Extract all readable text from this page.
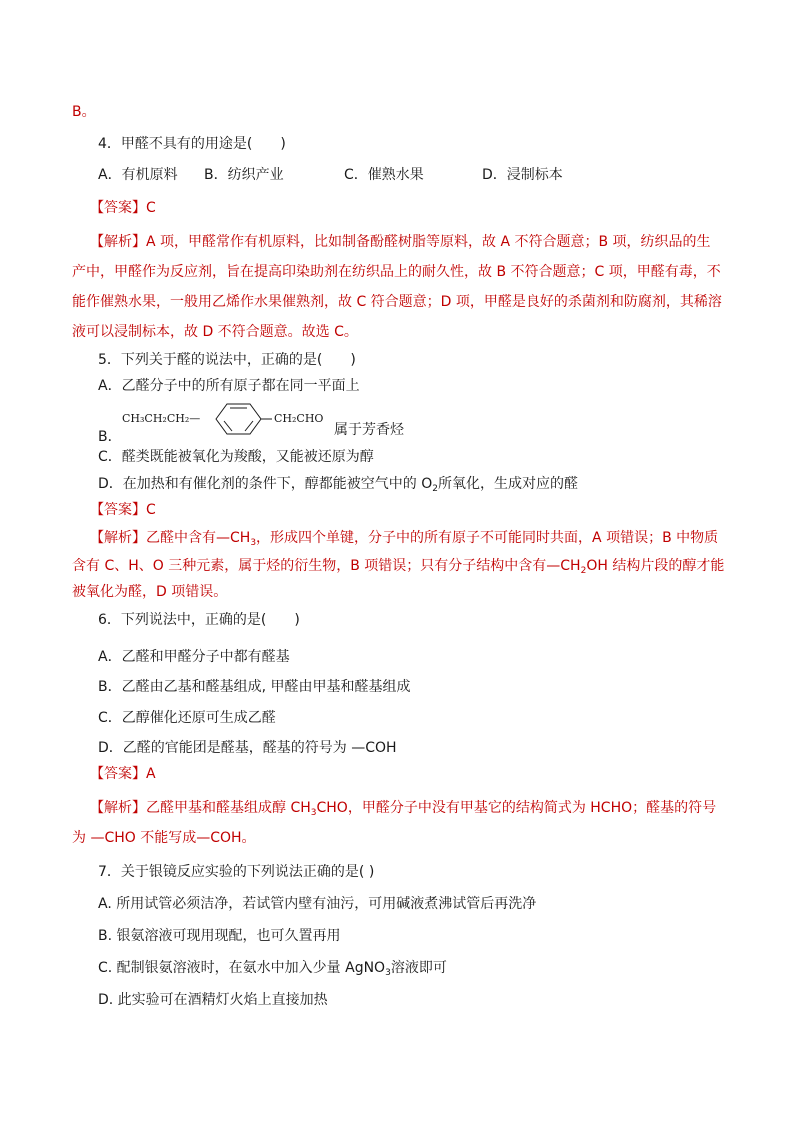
B。
4．甲醛不具有的用途是(　　)
A．有机原料 B．纺织产业	C．催熟水果	D．浸制标本
【答案】C
【解析】A 项，甲醛常作有机原料，比如制备酚醛树脂等原料，故 A 不符合题意；B 项，纺织品的生
产中，甲醛作为反应剂，旨在提高印染助剂在纺织品上的耐久性，故 B 不符合题意；C 项，甲醛有毒，不
能作催熟水果，一般用乙烯作水果催熟剂，故 C 符合题意；D 项，甲醛是良好的杀菌剂和防腐剂，其稀溶
液可以浸制标本，故 D 不符合题意。故选 C。
5．下列关于醛的说法中，正确的是(　　)
A．乙醛分子中的所有原子都在同一平面上
B．
CH₃CH₂CH₂—	CH₂CHO
属于芳香烃
C．醛类既能被氧化为羧酸，又能被还原为醇
D．在加热和有催化剂的条件下，醇都能被空气中的 $O_2$所氧化，生成对应的醛
【答案】C
【解析】乙醛中含有$—CH_3$，形成四个单键，分子中的所有原子不可能同时共面，A 项错误；B 中物质
含有 C、H、O 三种元素，属于烃的衍生物，B 项错误；只有分子结构中含有$—CH_2OH$ 结构片段的醇才能
被氧化为醛，D 项错误。
6．下列说法中，正确的是(　　)
A．乙醛和甲醛分子中都有醛基
B．乙醛由乙基和醛基组成, 甲醛由甲基和醛基组成
C．乙醇催化还原可生成乙醛
D．乙醛的官能团是醛基，醛基的符号为 —COH
【答案】A
【解析】乙醛甲基和醛基组成醇 $CH_3CHO$，甲醛分子中没有甲基它的结构简式为 HCHO；醛基的符号
为 —CHO 不能写成—COH。
7．关于银镜反应实验的下列说法正确的是( )
A. 所用试管必须洁净，若试管内壁有油污，可用碱液煮沸试管后再洗净
B. 银氨溶液可现用现配，也可久置再用
C. 配制银氨溶液时，在氨水中加入少量 AgNO$_3$溶液即可
D. 此实验可在酒精灯火焰上直接加热
